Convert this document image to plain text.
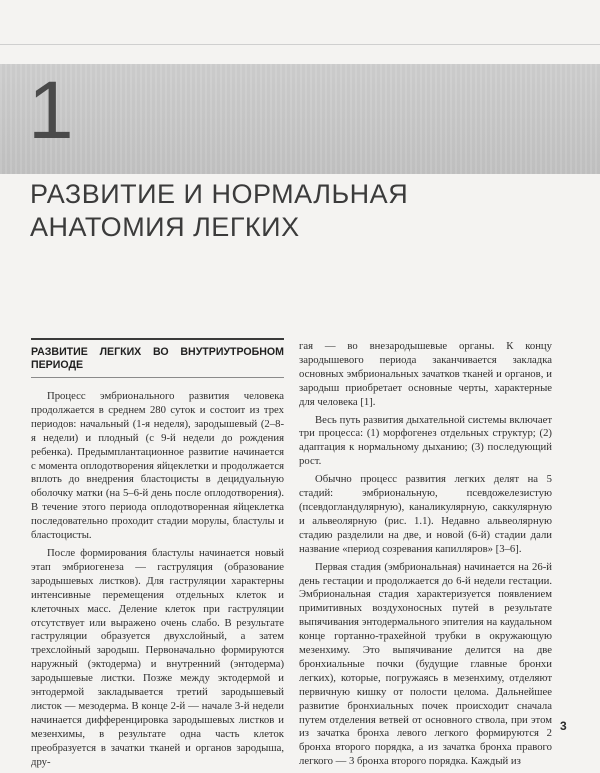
1
РАЗВИТИЕ И НОРМАЛЬНАЯ АНАТОМИЯ ЛЕГКИХ
РАЗВИТИЕ ЛЕГКИХ ВО ВНУТРИУТРОБНОМ ПЕРИОДЕ

Процесс эмбрионального развития человека продолжается в среднем 280 суток и состоит из трех периодов: начальный (1-я неделя), зародышевый (2–8-я недели) и плодный (с 9-й недели до рождения ребенка). Предымплантационное развитие начинается с момента оплодотворения яйцеклетки и продолжается вплоть до внедрения бластоцисты в децидуальную оболочку матки (на 5–6-й день после оплодотворения). В течение этого периода оплодотворенная яйцеклетка последовательно проходит стадии морулы, бластулы и бластоцисты.

После формирования бластулы начинается новый этап эмбриогенеза — гаструляция (образование зародышевых листков). Для гаструляции характерны интенсивные перемещения отдельных клеток и клеточных масс. Деление клеток при гаструляции отсутствует или выражено очень слабо. В результате гаструляции образуется двухслойный, а затем трехслойный зародыш. Первоначально формируются наружный (эктодерма) и внутренний (энтодерма) зародышевые листки. Позже между эктодермой и энтодермой закладывается третий зародышевый листок — мезодерма. В конце 2-й — начале 3-й недели начинается дифференцировка зародышевых листков и мезенхимы, в результате одна часть клеток преобразуется в зачатки тканей и органов зародыша, дру-

гая — во внезародышевые органы. К концу зародышевого периода заканчивается закладка основных эмбриональных зачатков тканей и органов, и зародыш приобретает основные черты, характерные для человека [1].

Весь путь развития дыхательной системы включает три процесса: (1) морфогенез отдельных структур; (2) адаптация к нормальному дыханию; (3) последующий рост.

Обычно процесс развития легких делят на 5 стадий: эмбриональную, псевдожелезистую (псевдогландулярную), каналикулярную, саккулярную и альвеолярную (рис. 1.1). Недавно альвеолярную стадию разделили на две, и новой (6-й) стадии дали название «период созревания капилляров» [3–6].

Первая стадия (эмбриональная) начинается на 26-й день гестации и продолжается до 6-й недели гестации. Эмбриональная стадия характеризуется появлением примитивных воздухоносных путей в результате выпячивания энтодермального эпителия на каудальном конце гортанно-трахейной трубки в окружающую мезенхиму. Это выпячивание делится на две бронхиальные почки (будущие главные бронхи легких), которые, погружаясь в мезенхиму, отделяют первичную кишку от полости целома. Дальнейшее развитие бронхиальных почек происходит сначала путем отделения ветвей от основного ствола, при этом из зачатка бронха левого легкого формируются 2 бронха второго порядка, а из зачатка бронха правого легкого — 3 бронха второго порядка. Каждый из

3
